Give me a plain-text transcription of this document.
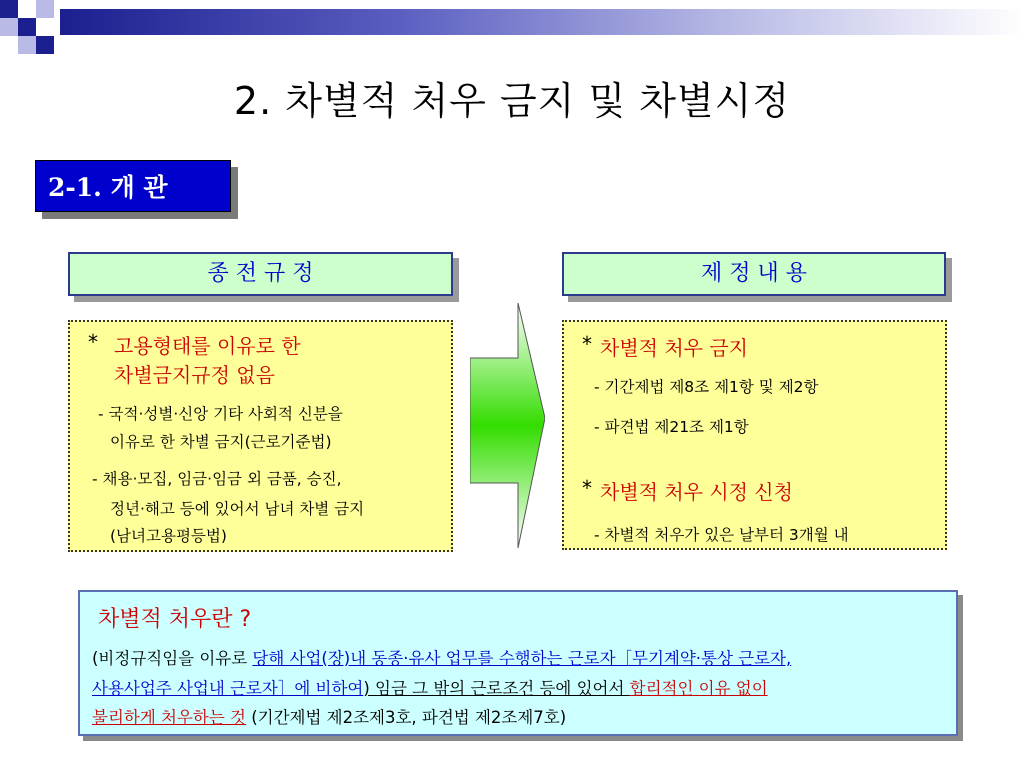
2. 차별적 처우 금지 및 차별시정
2-1. 개 관
종 전 규 정
* 고용형태를 이유로 한
차별금지규정 없음
- 국적·성별·신앙 기타 사회적 신분을
이유로 한 차별 금지(근로기준법)
- 채용·모집, 임금·임금 외 금품, 승진,
정년·해고 등에 있어서 남녀 차별 금지
(남녀고용평등법)
제 정 내 용
* 차별적 처우 금지
- 기간제법 제8조 제1항 및 제2항
- 파견법 제21조 제1항
* 차별적 처우 시정 신청
- 차별적 처우가 있은 날부터 3개월 내
차별적 처우란 ?

(비정규직임을 이유로 당해 사업(장)내 동종·유사 업무를 수행하는 근로자［무기계약·통상 근로자,

사용사업주 사업내 근로자］에 비하여) 임금 그 밖의 근로조건 등에 있어서 합리적인 이유 없이

불리하게 처우하는 것 (기간제법 제2조제3호, 파견법 제2조제7호)
